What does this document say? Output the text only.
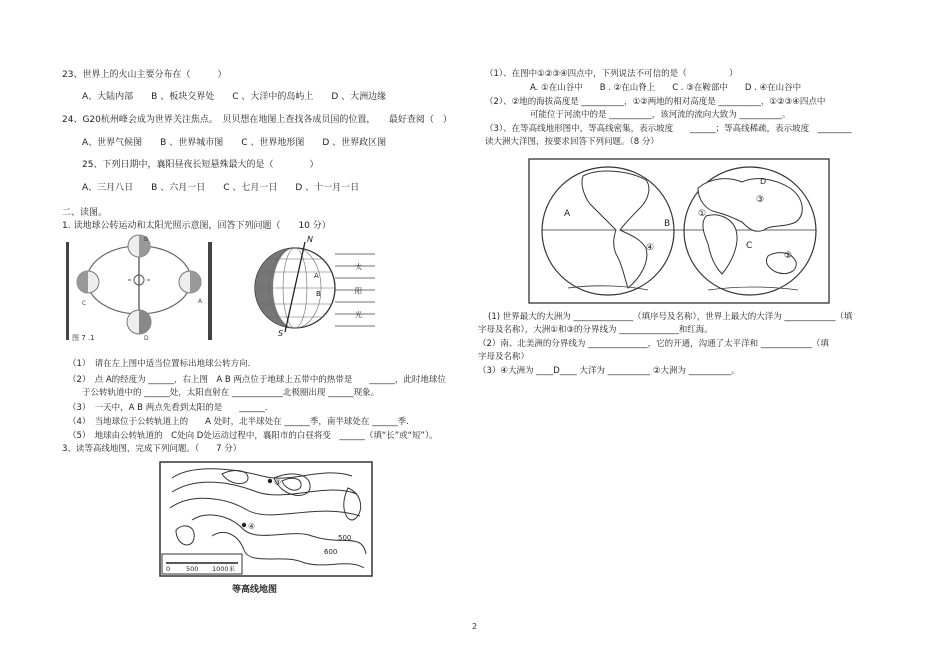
23、世界上的火山主要分布在（　　　）
A、大陆内部　　B 、板块交界处　　C 、大洋中的岛屿上　　D 、大洲边缘
24、G20杭州峰会成为世界关注焦点。　贝贝想在地图上查找各成员国的位置，　　最好查阅（　）
A、世界气候图　　B 、世界城市图　　C 、世界地形图　　D 、世界政区图
25、下列日期中，襄阳昼夜长短悬殊最大的是（　　　　）
A、三月八日　　B 、六月一日　　C 、七月一日　　D 、十一月一日
二、读图。
1. 读地球公转运动和太阳光照示意图，回答下列问题（　　10 分）
C	A
B
D
图 7 .1
N
S
A
B
太
阳
光
（1）　请在左上图中适当位置标出地球公转方向.
（2）　点 A的经度为 ______，右上图　A B 两点位于地球上五带中的热带是　　______，此时地球位
于公转轨道中的 ______处，太阳直射在 ____________北极圈出现 ______现象。
（3）　一天中，A B 两点先看到太阳的是　　______.
（4）　当地球位于公转轨道上的　　A 处时，北半球处在 ______季，南半球处在 ______季.
（5）　地球由公转轨道的　C处向 D处运动过程中，襄阳市的白昼将变　______（填“长”或“短”）。
3、读等高线地图，完成下列问题。（　　7 分）
③
④
500
600
0 500 1000米
等高线地图
（1）、在图中①②③④四点中，下列说法不可信的是（　　　　　）
A. ①在山谷中　　B . ②在山脊上　　C . ③在鞍部中　　D . ④在山谷中
（2）、②地的海拔高度是 __________，①②两地的相对高度是 __________，①②③④四点中
可能位于河流中的是 __________，该河流的流向大致为 __________。
（3）、在等高线地形图中，等高线密集，表示坡度　　______；等高线稀疏，表示坡度　________
读大洲大洋图，按要求回答下列问题。（8 分）
A
B
C
D
①
②
③
④
(1) 世界最大的大洲为 ______________（填序号及名称），世界上最大的大洋为 ____________（填
字母及名称），大洲①和③的分界线为 ______________和红海。
（2）南、北美洲的分界线为 ______________，它的开通，沟通了太平洋和 ____________（填
字母及名称）
（3）④大洲为 ____D____ 大洋为 __________ ②大洲为 __________。
2
